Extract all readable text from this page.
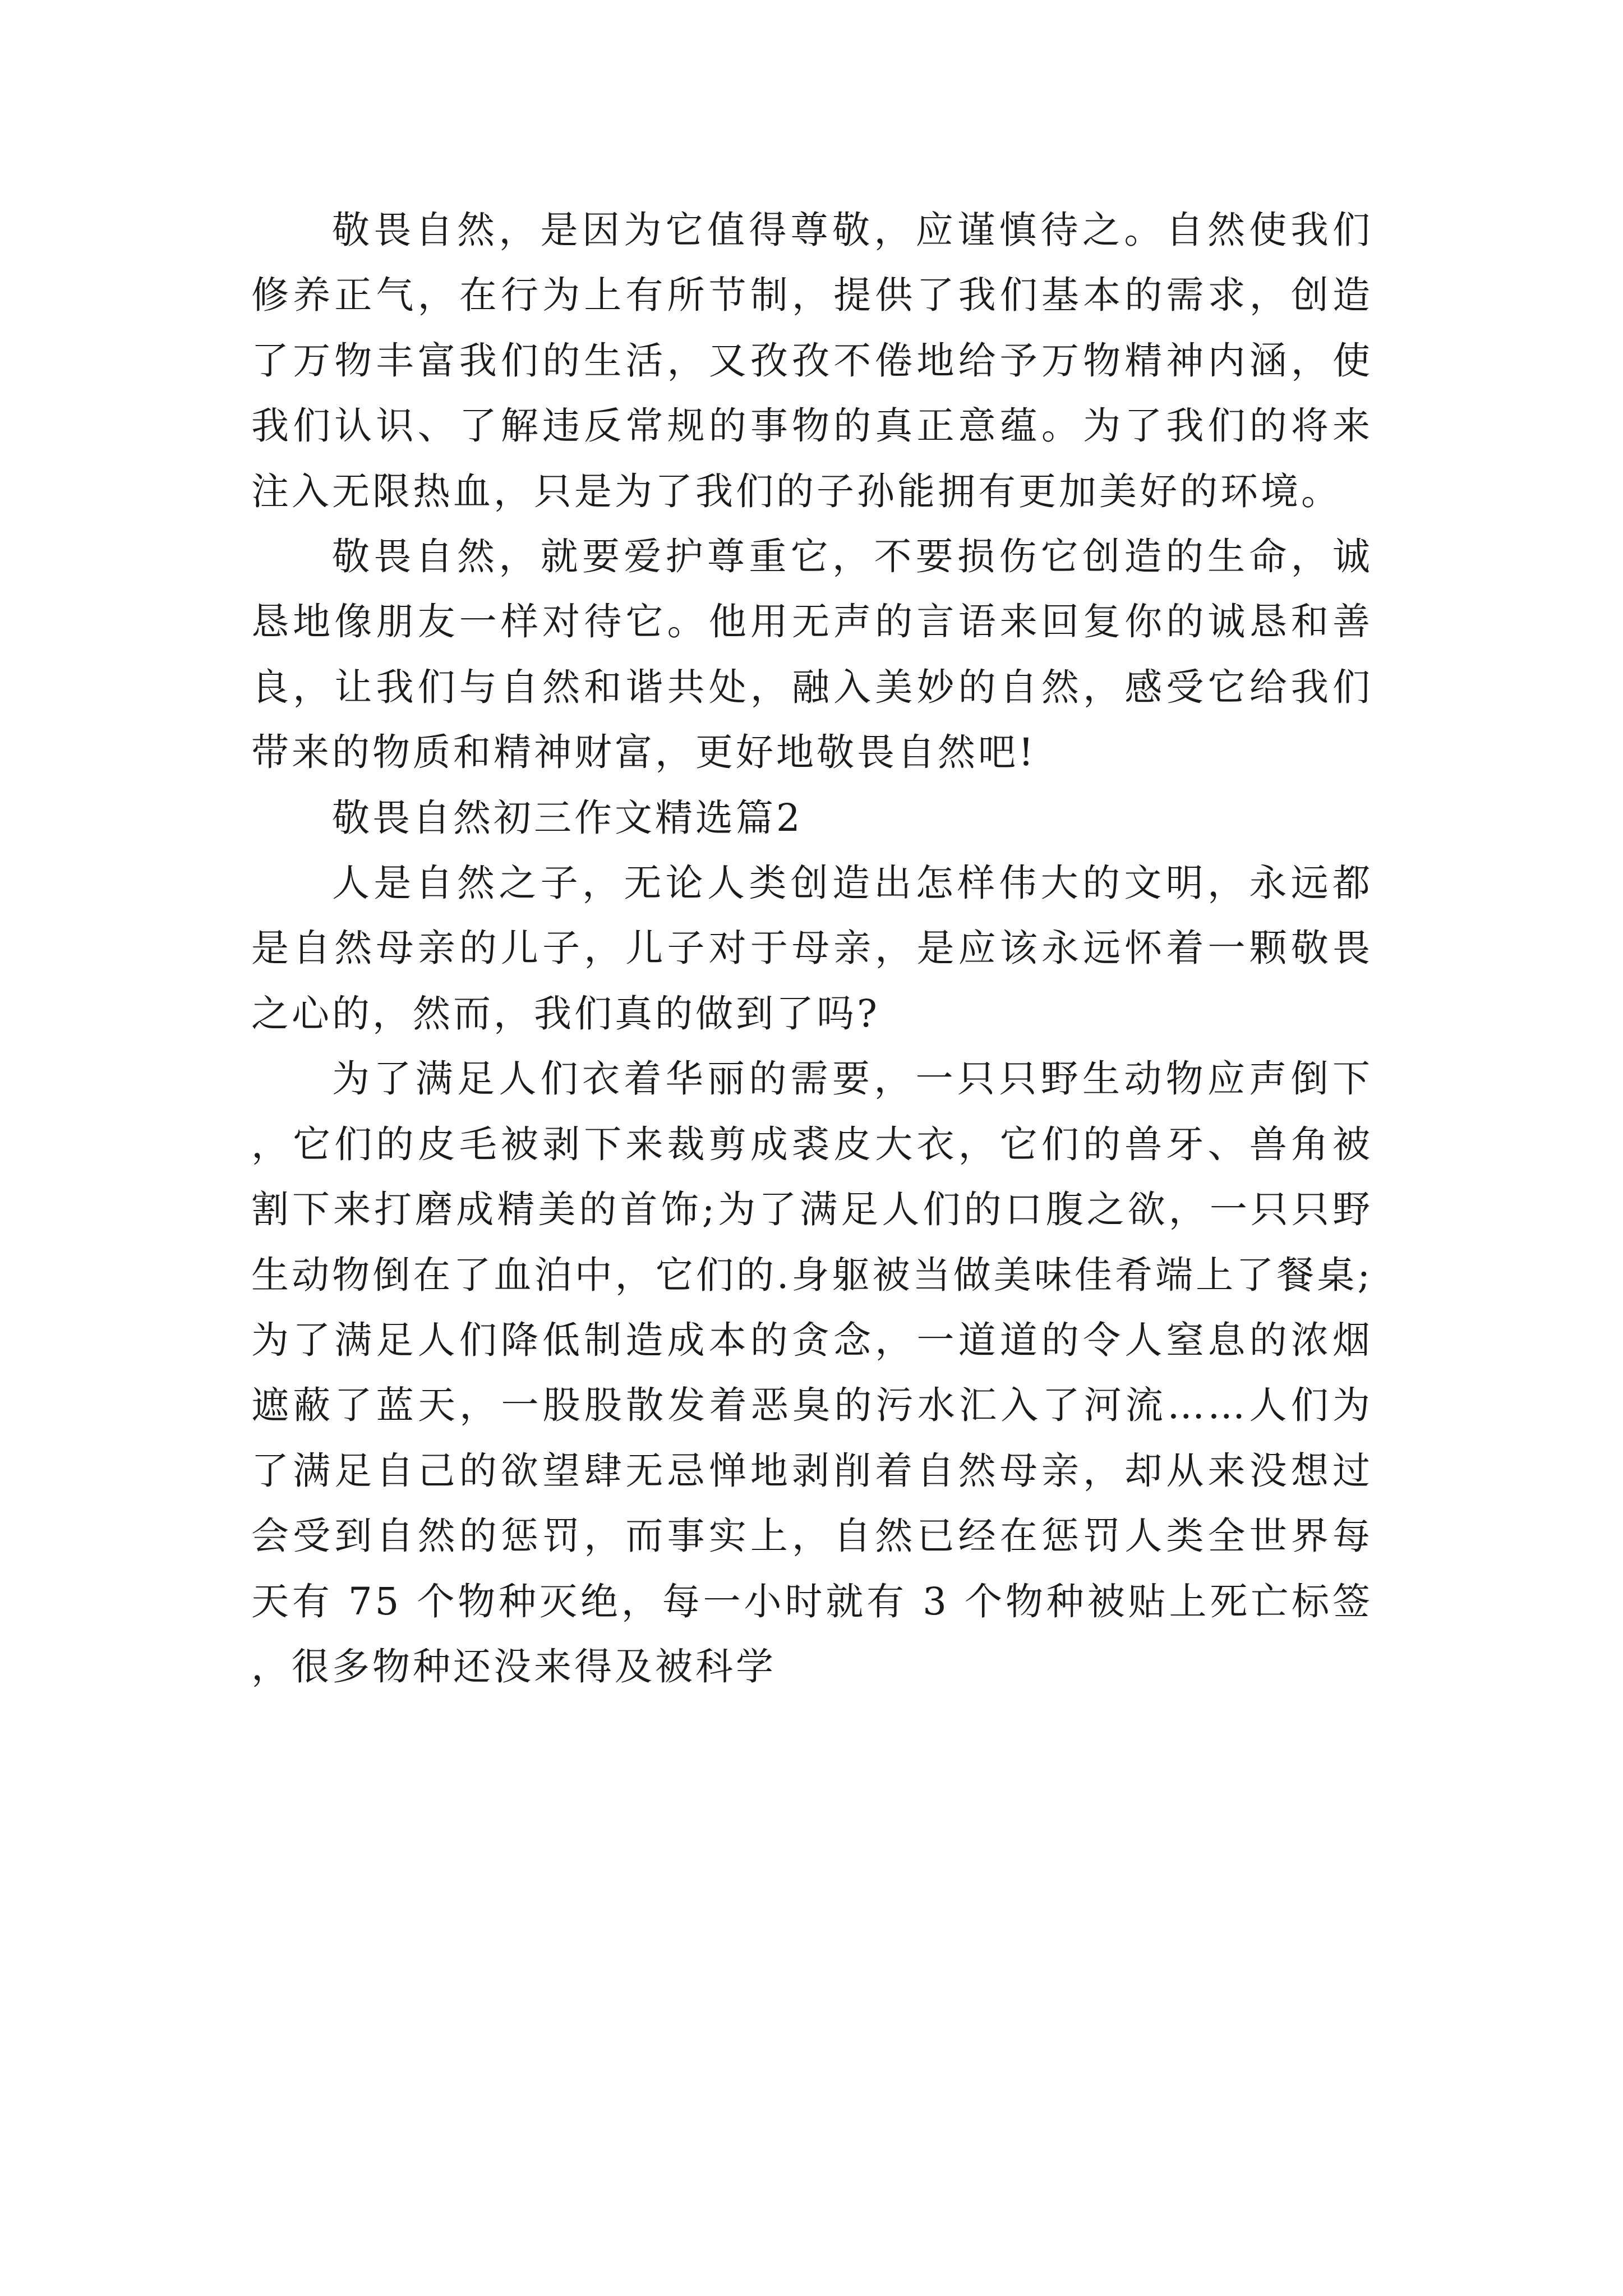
敬畏自然，是因为它值得尊敬，应谨慎待之。自然使我们修养正气，在行为上有所节制，提供了我们基本的需求，创造了万物丰富我们的生活，又孜孜不倦地给予万物精神内涵，使我们认识、了解违反常规的事物的真正意蕴。为了我们的将来注入无限热血，只是为了我们的子孙能拥有更加美好的环境。

敬畏自然，就要爱护尊重它，不要损伤它创造的生命，诚恳地像朋友一样对待它。他用无声的言语来回复你的诚恳和善良，让我们与自然和谐共处，融入美妙的自然，感受它给我们带来的物质和精神财富，更好地敬畏自然吧!

敬畏自然初三作文精选篇2

人是自然之子，无论人类创造出怎样伟大的文明，永远都是自然母亲的儿子，儿子对于母亲，是应该永远怀着一颗敬畏之心的，然而，我们真的做到了吗?

为了满足人们衣着华丽的需要，一只只野生动物应声倒下，它们的皮毛被剥下来裁剪成裘皮大衣，它们的兽牙、兽角被割下来打磨成精美的首饰;为了满足人们的口腹之欲，一只只野生动物倒在了血泊中，它们的.身躯被当做美味佳肴端上了餐桌;为了满足人们降低制造成本的贪念，一道道的令人窒息的浓烟遮蔽了蓝天，一股股散发着恶臭的污水汇入了河流……人们为了满足自己的欲望肆无忌惮地剥削着自然母亲，却从来没想过会受到自然的惩罚，而事实上，自然已经在惩罚人类全世界每天有 75 个物种灭绝，每一小时就有 3 个物种被贴上死亡标签，很多物种还没来得及被科学
